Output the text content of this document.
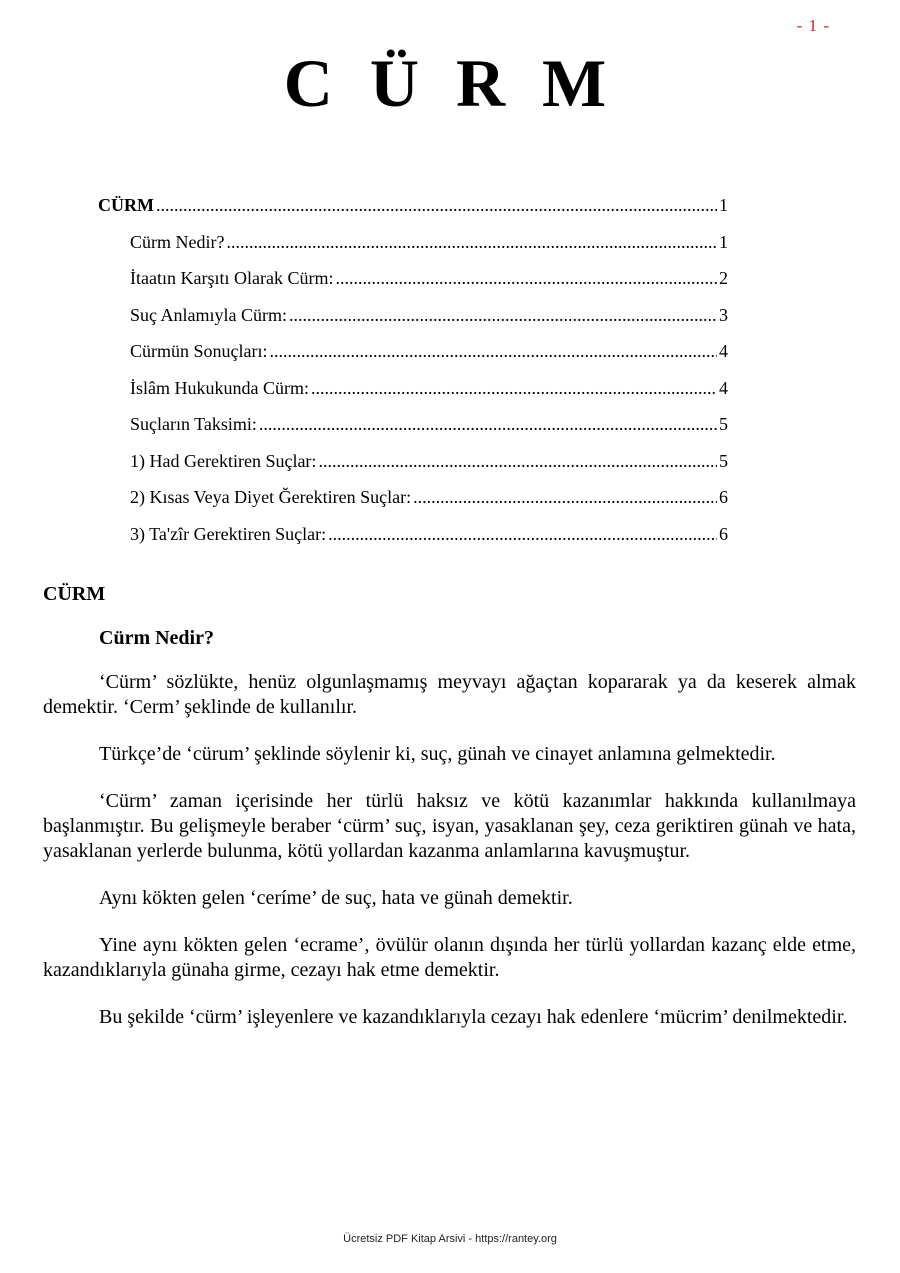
- 1 -
C Ü R M
CÜRM .....	1
Cürm Nedir? .....	1
İtaatın Karşıtı Olarak Cürm: .....	2
Suç Anlamıyla Cürm: .....	3
Cürmün Sonuçları: .....	4
İslâm Hukukunda Cürm: .....	4
Suçların Taksimi: .....	5
1) Had Gerektiren Suçlar: .....	5
2) Kısas Veya Diyet Ğerektiren Suçlar: .....	6
3) Ta'zîr Gerektiren Suçlar: .....	6
CÜRM
Cürm Nedir?

‘Cürm’ sözlükte, henüz olgunlaşmamış meyvayı ağaçtan kopararak ya da keserek almak demektir. ‘Cerm’ şeklinde de kullanılır.

Türkçe’de ‘cürum’ şeklinde söylenir ki, suç, günah ve cinayet anlamına gelmektedir.

‘Cürm’ zaman içerisinde her türlü haksız ve kötü kazanımlar hakkında kullanılmaya başlanmıştır. Bu gelişmeyle beraber ‘cürm’ suç, isyan, yasaklanan şey, ceza geriktiren günah ve hata, yasaklanan yerlerde bulunma, kötü yollardan kazanma anlamlarına kavuşmuştur.

Aynı kökten gelen ‘ceríme’ de suç, hata ve günah demektir.

Yine aynı kökten gelen ‘ecrame’, övülür olanın dışında her türlü yollardan kazanç elde etme, kazandıklarıyla günaha girme, cezayı hak etme demektir.

Bu şekilde ‘cürm’ işleyenlere ve kazandıklarıyla cezayı hak edenlere ‘mücrim’ denilmektedir.

Ücretsiz PDF Kitap Arsivi - https://rantey.org
